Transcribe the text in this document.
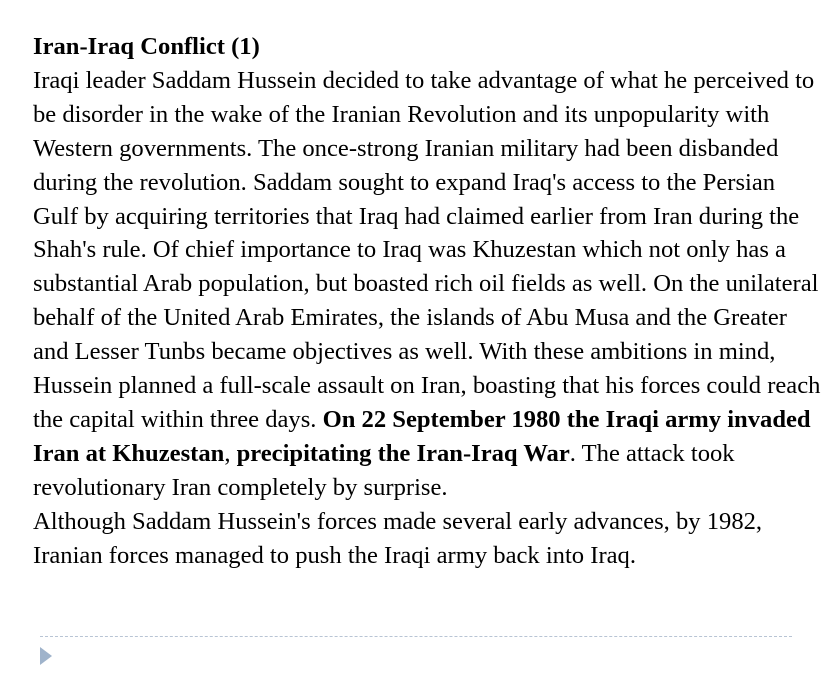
Iran-Iraq Conflict (1)

Iraqi leader Saddam Hussein decided to take advantage of what he perceived to be disorder in the wake of the Iranian Revolution and its unpopularity with Western governments. The once-strong Iranian military had been disbanded during the revolution. Saddam sought to expand Iraq's access to the Persian Gulf by acquiring territories that Iraq had claimed earlier from Iran during the Shah's rule. Of chief importance to Iraq was Khuzestan which not only has a substantial Arab population, but boasted rich oil fields as well. On the unilateral behalf of the United Arab Emirates, the islands of Abu Musa and the Greater and Lesser Tunbs became objectives as well. With these ambitions in mind, Hussein planned a full-scale assault on Iran, boasting that his forces could reach the capital within three days. On 22 September 1980 the Iraqi army invaded Iran at Khuzestan, precipitating the Iran-Iraq War. The attack took revolutionary Iran completely by surprise.

Although Saddam Hussein's forces made several early advances, by 1982, Iranian forces managed to push the Iraqi army back into Iraq.
